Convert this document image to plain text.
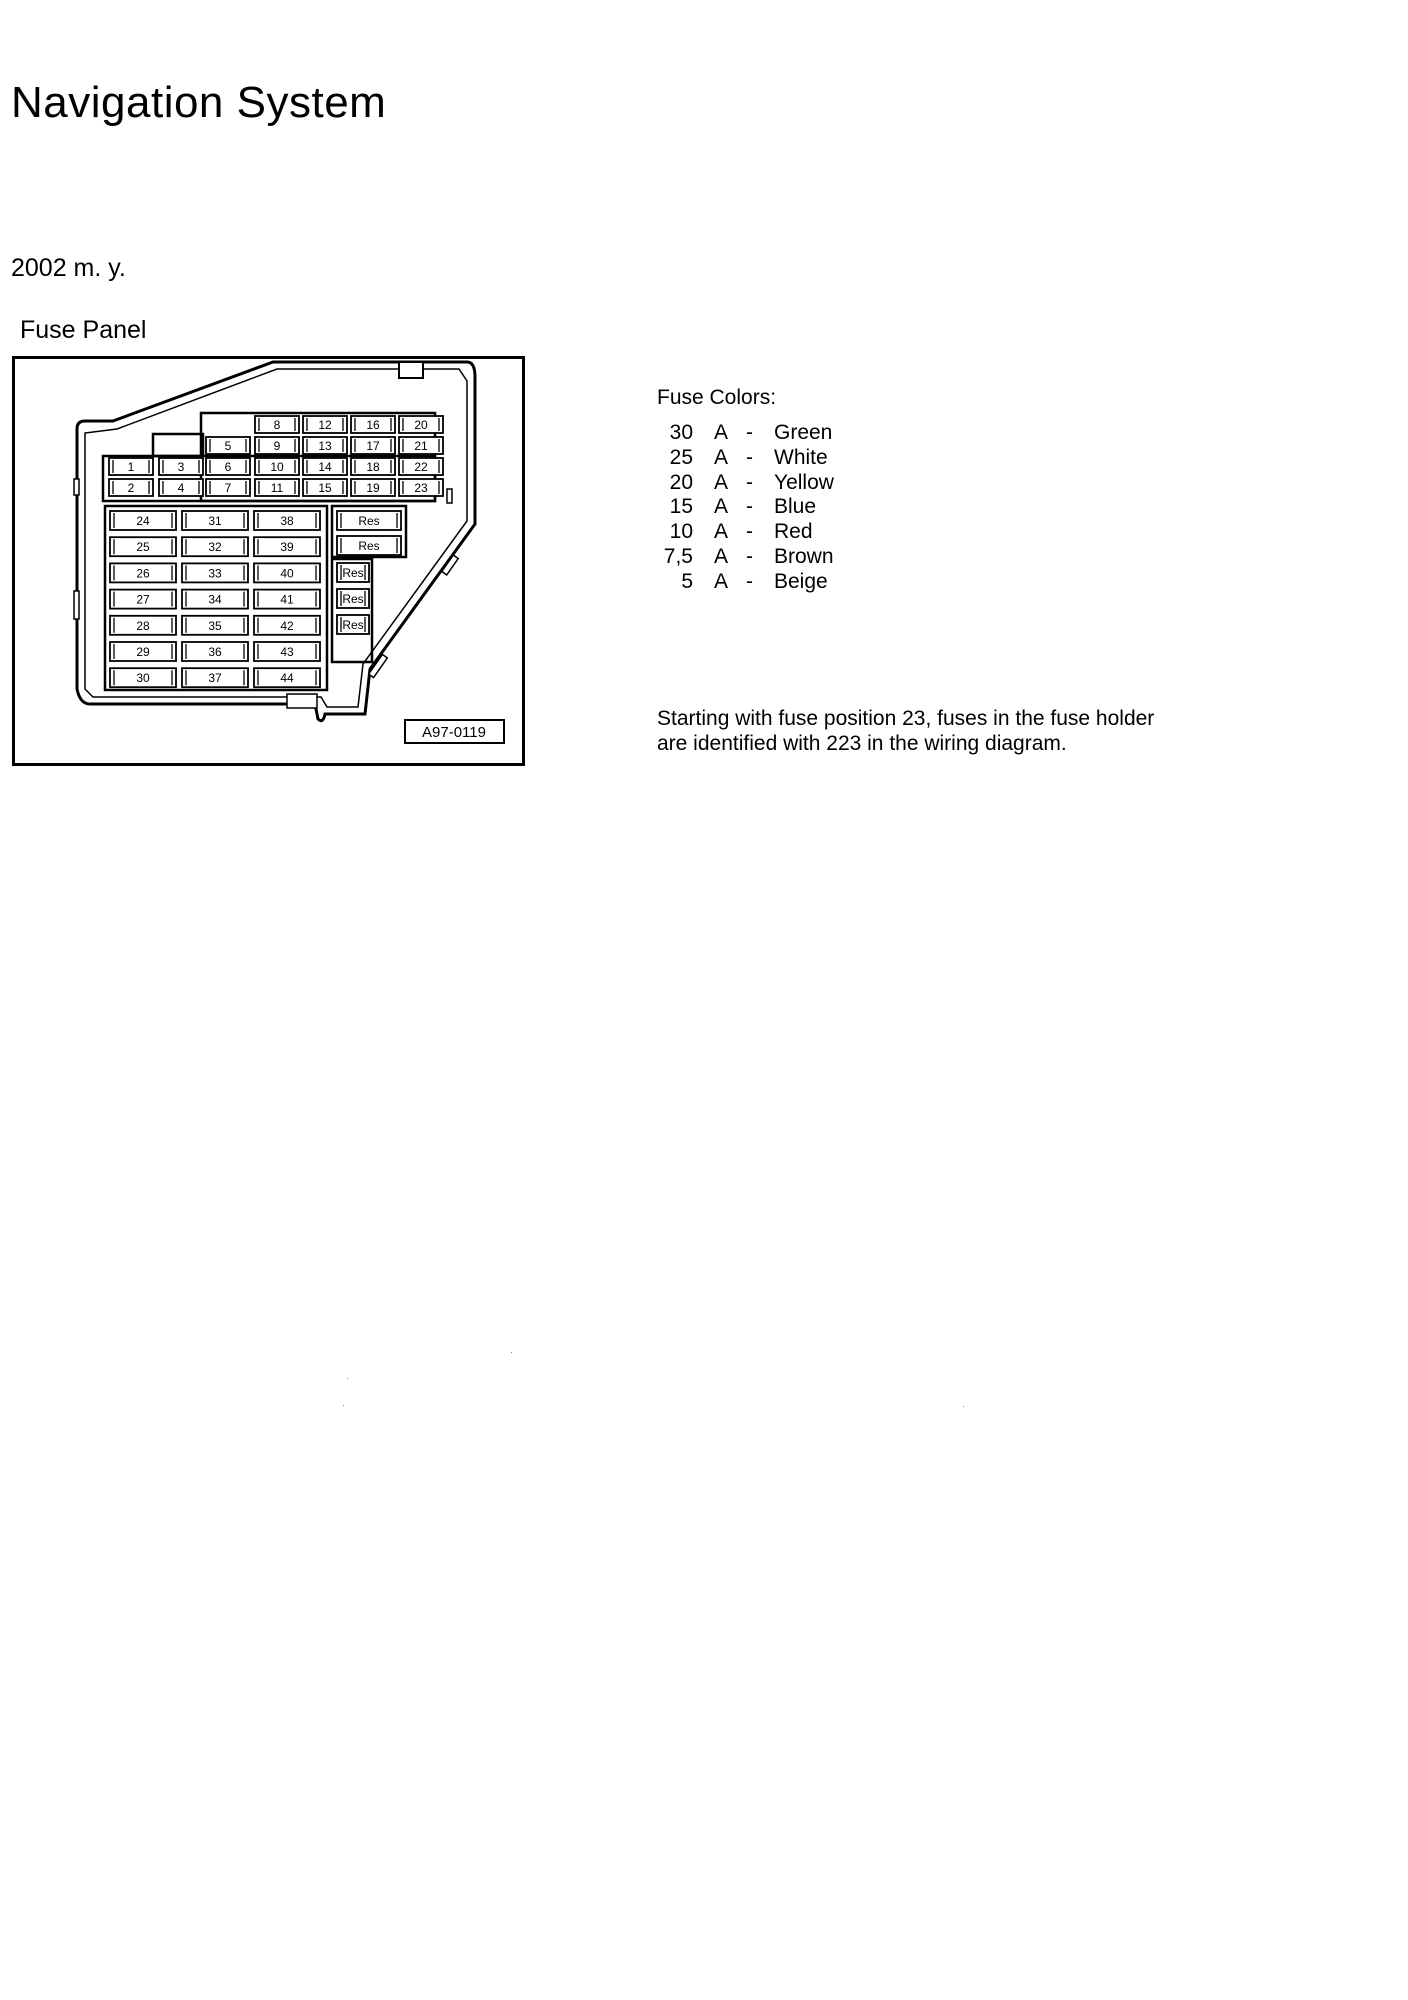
Navigation System
2002 m. y.
Fuse Panel
8	12	16	20
5	9	13	17	21
1	3	6	10	14	18	22
2	4	7	11	15	19	23
24	31	38
25	32	39
26	33	40
27	34	41
28	35	42
29	36	43
30	37	44
Res
Res
Res
Res
Res
A97-0119
Fuse Colors:
30 A - Green
25 A - White
20 A - Yellow
15 A - Blue
10 A - Red
7,5 A - Brown
5 A - Beige
Starting with fuse position 23, fuses in the fuse holder
are identified with 223 in the wiring diagram.
